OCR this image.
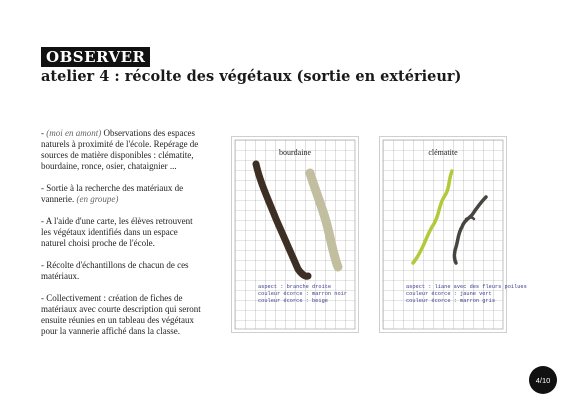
OBSERVER
atelier 4 : récolte des végétaux (sortie en extérieur)

- (moi en amont) Observations des espaces naturels à proximité de l'école. Repérage de sources de matière disponibles : clématite, bourdaine, ronce, osier, chataignier ...

- Sortie à la recherche des matériaux de vannerie. (en groupe)

- A l'aide d'une carte, les élèves retrouvent les végétaux identifiés dans un espace naturel choisi proche de l'école.

- Récolte d'échantillons de chacun de ces matériaux.

- Collectivement : création de fiches de matériaux avec courte description qui seront ensuite réunies en un tableau des végétaux pour la vannerie affiché dans la classe.

bourdaine
aspect : branche droite
couleur écorce : marron noir
couleur écorce : beige
clématite
aspect : liane avec des fleurs poilues
couleur écorce : jaune vert
couleur écorce : marron gris
4/10
